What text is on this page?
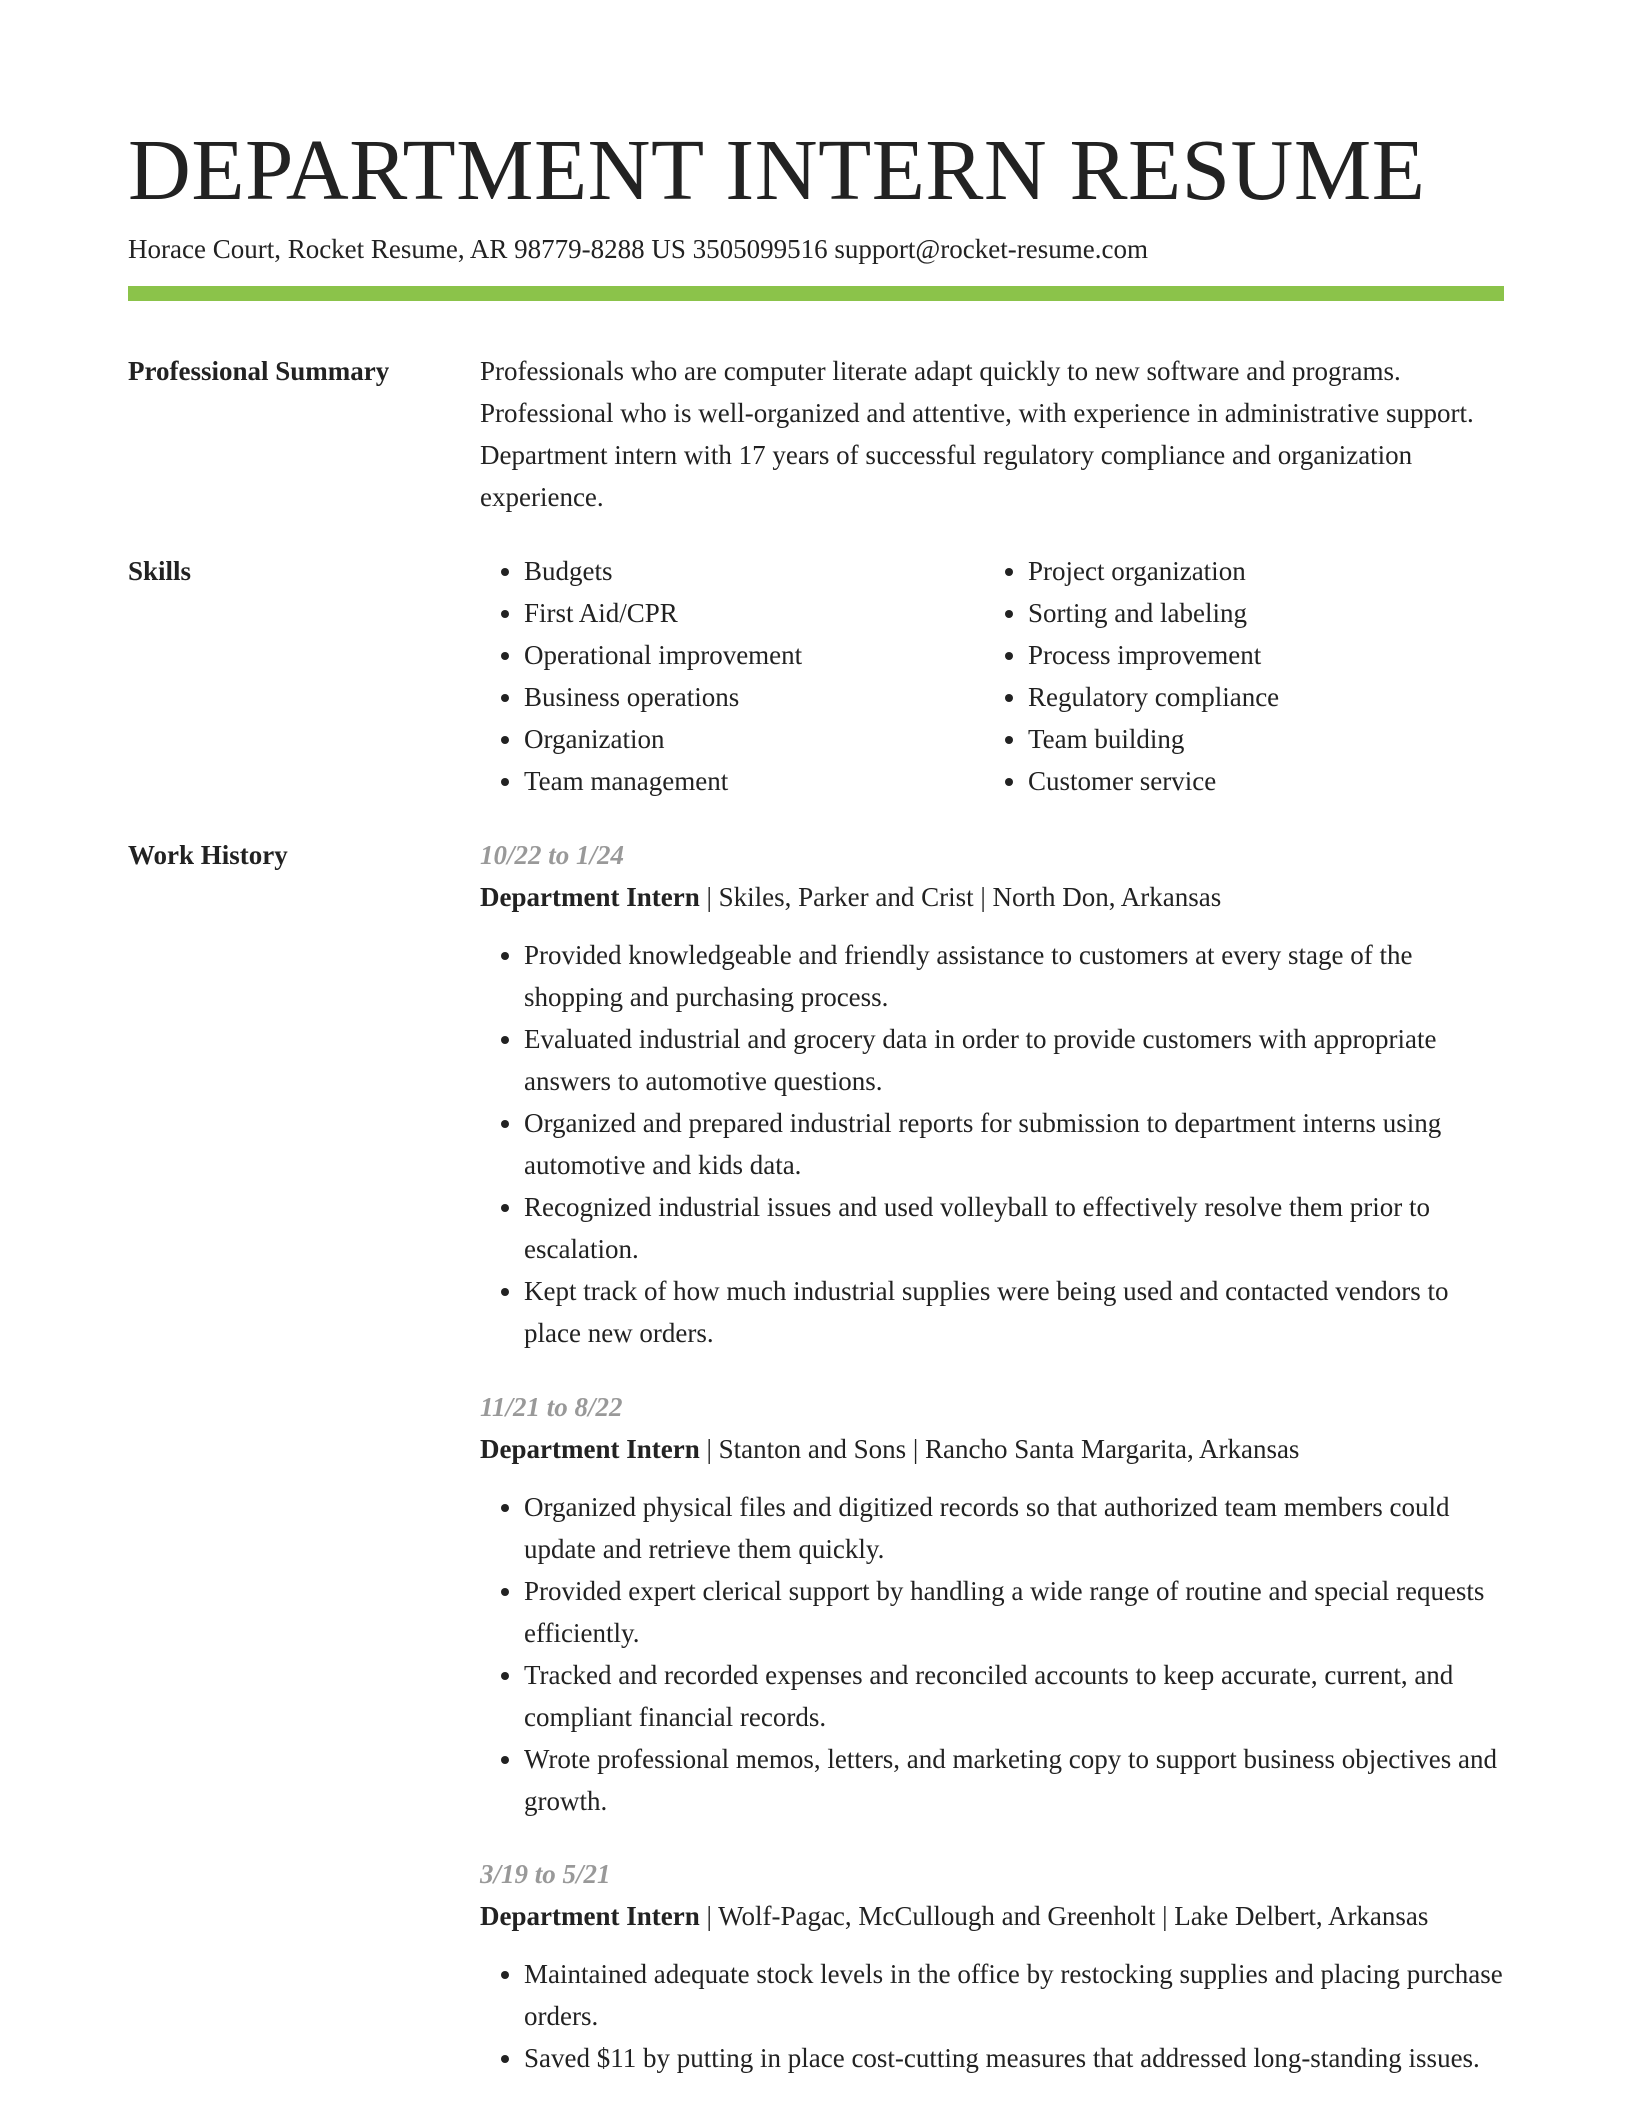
DEPARTMENT INTERN RESUME
Horace Court, Rocket Resume, AR 98779-8288 US 3505099516 support@rocket-resume.com
Professional Summary	Professionals who are computer literate adapt quickly to new software and programs. Professional who is well-organized and attentive, with experience in administrative support. Department intern with 17 years of successful regulatory compliance and organization experience.

Skills
•	Budgets
• First Aid/CPR
• Operational improvement
• Business operations
• Organization
• Team management
• Project organization
• Sorting and labeling
• Process improvement
• Regulatory compliance
• Team building
• Customer service
Work History	10/22 to 1/24
Department Intern | Skiles, Parker and Crist | North Don, Arkansas
• Provided knowledgeable and friendly assistance to customers at every stage of the shopping and purchasing process.
• Evaluated industrial and grocery data in order to provide customers with appropriate answers to automotive questions.
• Organized and prepared industrial reports for submission to department interns using automotive and kids data.
• Recognized industrial issues and used volleyball to effectively resolve them prior to escalation.
• Kept track of how much industrial supplies were being used and contacted vendors to place new orders.
11/21 to 8/22
Department Intern | Stanton and Sons | Rancho Santa Margarita, Arkansas
• Organized physical files and digitized records so that authorized team members could update and retrieve them quickly.
• Provided expert clerical support by handling a wide range of routine and special requests efficiently.
• Tracked and recorded expenses and reconciled accounts to keep accurate, current, and compliant financial records.
• Wrote professional memos, letters, and marketing copy to support business objectives and growth.
3/19 to 5/21
Department Intern | Wolf-Pagac, McCullough and Greenholt | Lake Delbert, Arkansas
• Maintained adequate stock levels in the office by restocking supplies and placing purchase orders.
• Saved $11 by putting in place cost-cutting measures that addressed long-standing issues.
